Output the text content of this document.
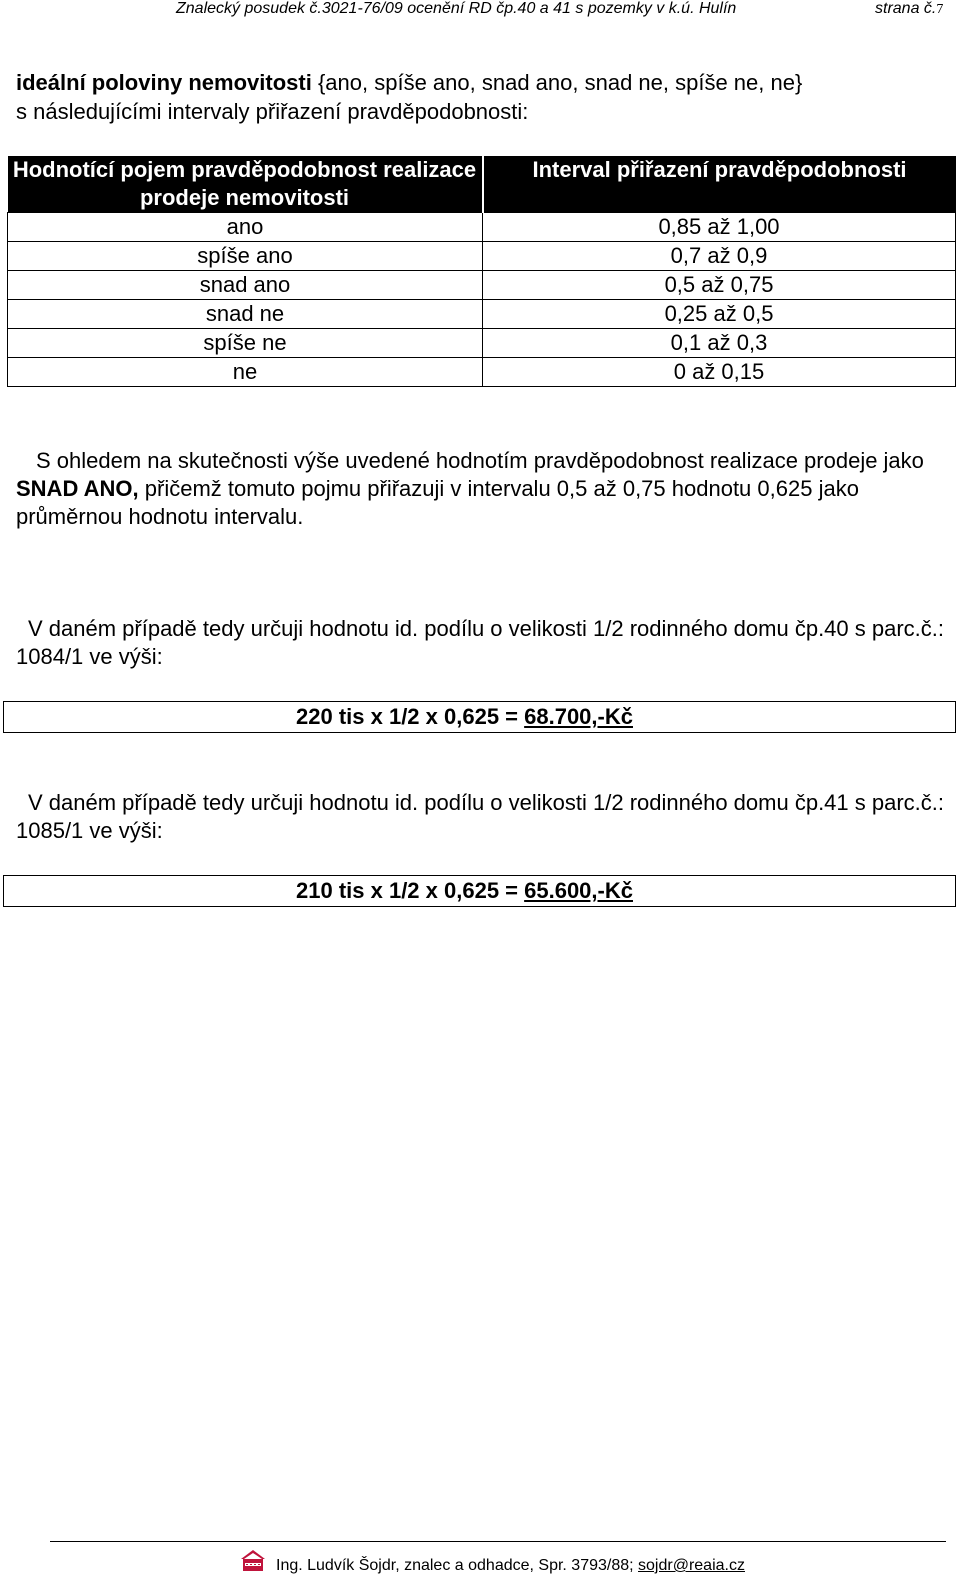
Znalecký posudek č.3021-76/09 ocenění RD čp.40 a 41 s pozemky v k.ú. Hulín	strana č.7
ideální poloviny nemovitosti {ano, spíše ano, snad ano, snad ne, spíše ne, ne}
s následujícími intervaly přiřazení pravděpodobnosti:
Hodnotící pojem pravděpodobnost realizace prodeje nemovitosti	Interval přiřazení pravděpodobnosti
ano	0,85 až 1,00
spíše ano	0,7 až 0,9
snad ano	0,5 až 0,75
snad ne	0,25 až 0,5
spíše ne	0,1 až 0,3
ne	0 až 0,15
S ohledem na skutečnosti výše uvedené hodnotím pravděpodobnost realizace prodeje jako SNAD ANO, přičemž tomuto pojmu přiřazuji v intervalu 0,5 až 0,75 hodnotu 0,625 jako průměrnou hodnotu intervalu.
V daném případě tedy určuji hodnotu id. podílu o velikosti 1/2 rodinného domu čp.40 s parc.č.: 1084/1 ve výši:
220 tis x 1/2 x 0,625 = 68.700,-Kč
V daném případě tedy určuji hodnotu id. podílu o velikosti 1/2 rodinného domu čp.41 s parc.č.: 1085/1 ve výši:
210 tis x 1/2 x 0,625 = 65.600,-Kč
Ing. Ludvík Šojdr, znalec a odhadce, Spr. 3793/88; sojdr@reaia.cz
